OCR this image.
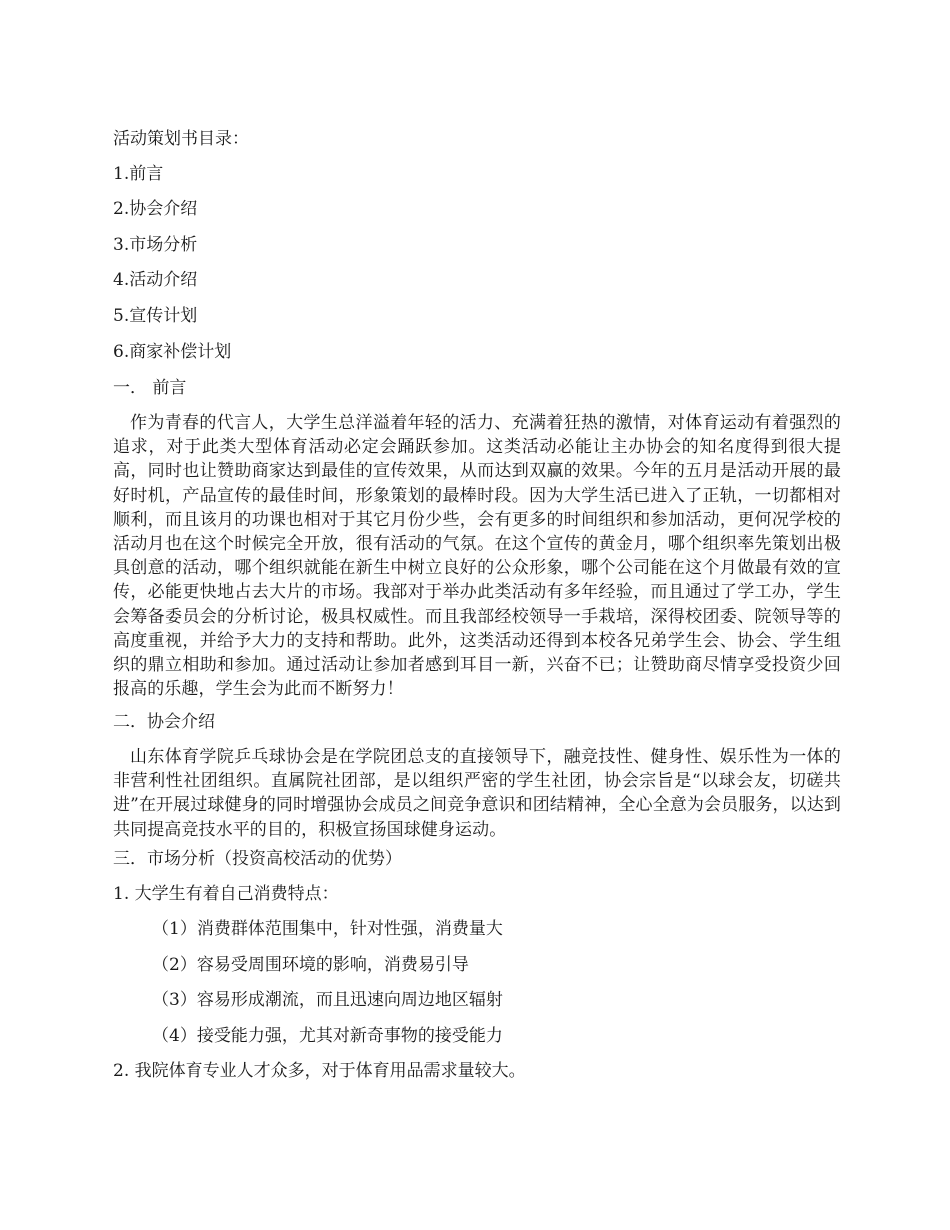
活动策划书目录：
1.前言
2.协会介绍
3.市场分析
4.活动介绍
5.宣传计划
6.商家补偿计划
一． 前言
作为青春的代言人，大学生总洋溢着年轻的活力、充满着狂热的激情，对体育运动有着强烈的追求，对于此类大型体育活动必定会踊跃参加。这类活动必能让主办协会的知名度得到很大提高，同时也让赞助商家达到最佳的宣传效果，从而达到双赢的效果。今年的五月是活动开展的最好时机，产品宣传的最佳时间，形象策划的最棒时段。因为大学生活已进入了正轨，一切都相对顺利，而且该月的功课也相对于其它月份少些，会有更多的时间组织和参加活动，更何况学校的活动月也在这个时候完全开放，很有活动的气氛。在这个宣传的黄金月，哪个组织率先策划出极具创意的活动，哪个组织就能在新生中树立良好的公众形象，哪个公司能在这个月做最有效的宣传，必能更快地占去大片的市场。我部对于举办此类活动有多年经验，而且通过了学工办，学生会筹备委员会的分析讨论，极具权威性。而且我部经校领导一手栽培，深得校团委、院领导等的高度重视，并给予大力的支持和帮助。此外，这类活动还得到本校各兄弟学生会、协会、学生组织的鼎立相助和参加。通过活动让参加者感到耳目一新，兴奋不已；让赞助商尽情享受投资少回报高的乐趣，学生会为此而不断努力！
二．协会介绍
山东体育学院乒乓球协会是在学院团总支的直接领导下，融竞技性、健身性、娱乐性为一体的非营利性社团组织。直属院社团部，是以组织严密的学生社团，协会宗旨是“以球会友，切磋共进”在开展过球健身的同时增强协会成员之间竞争意识和团结精神，全心全意为会员服务，以达到共同提高竞技水平的目的，积极宣扬国球健身运动。
三．市场分析（投资高校活动的优势）
1. 大学生有着自己消费特点：
（1）消费群体范围集中，针对性强，消费量大
（2）容易受周围环境的影响，消费易引导
（3）容易形成潮流，而且迅速向周边地区辐射
（4）接受能力强，尤其对新奇事物的接受能力
2. 我院体育专业人才众多，对于体育用品需求量较大。
